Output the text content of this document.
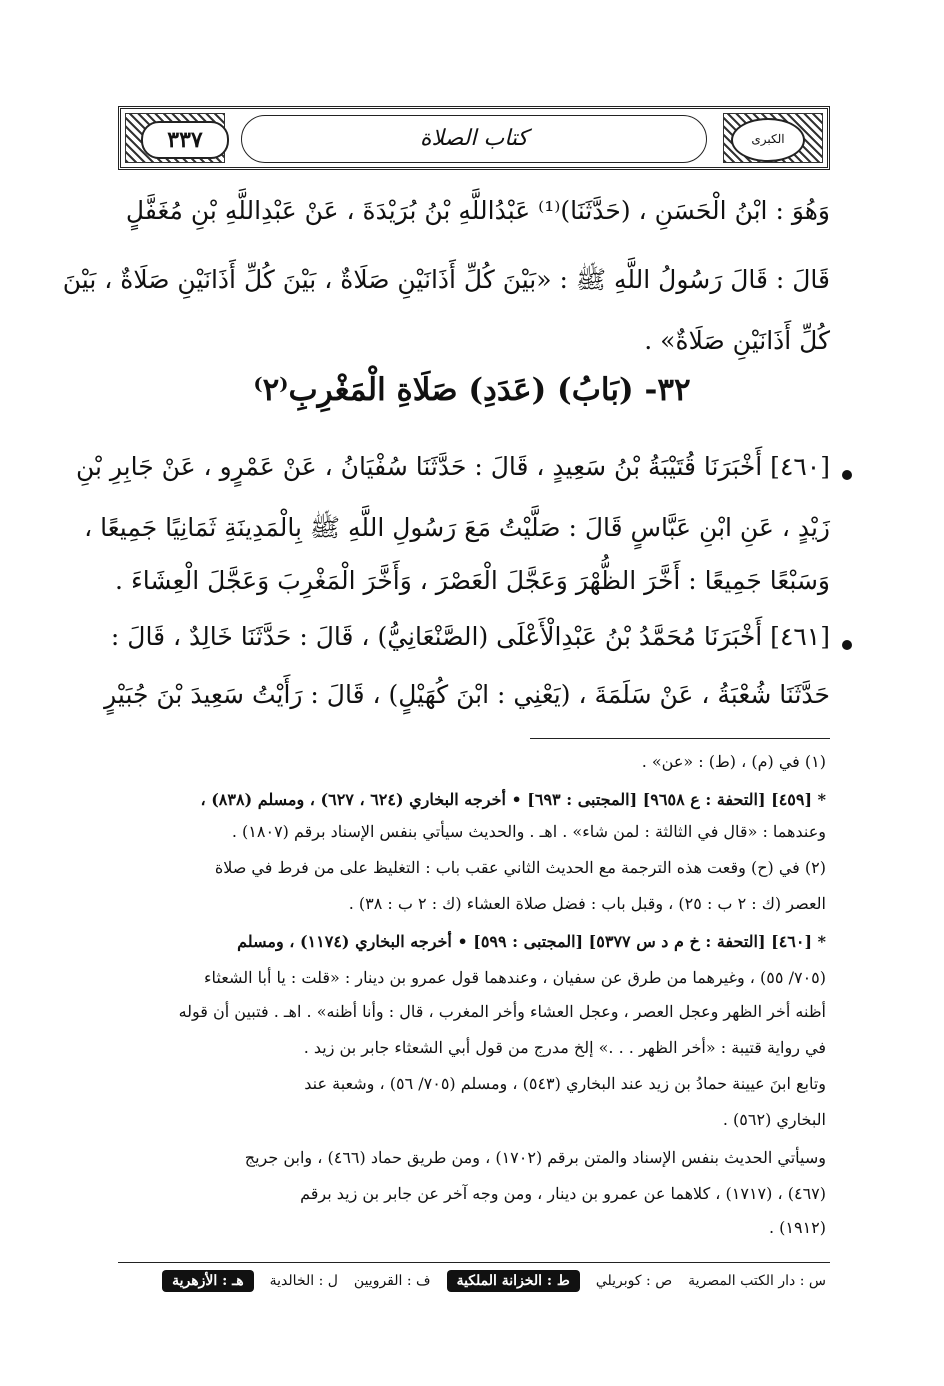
٣٣٧	كتاب الصلاة	الكبرى
وَهُوَ : ابْنُ الْحَسَنِ ، (حَدَّثَنَا)⁽¹⁾ عَبْدُاللَّهِ بْنُ بُرَيْدَةَ ، عَنْ عَبْدِاللَّهِ بْنِ مُغَفَّلٍ
قَالَ : قَالَ رَسُولُ اللَّهِ ﷺ : «بَيْنَ كُلِّ أَذَانَيْنِ صَلَاةٌ ، بَيْنَ كُلِّ أَذَانَيْنِ صَلَاةٌ ، بَيْنَ
كُلِّ أَذَانَيْنِ صَلَاةٌ» .
٣٢- (بَابُ) (عَدَدِ) صَلَاةِ الْمَغْرِبِ⁽٢⁾
[٤٦٠] أَخْبَرَنَا قُتَيْبَةُ بْنُ سَعِيدٍ ، قَالَ : حَدَّثَنَا سُفْيَانُ ، عَنْ عَمْرٍو ، عَنْ جَابِرِ بْنِ
زَيْدٍ ، عَنِ ابْنِ عَبَّاسٍ قَالَ : صَلَّيْتُ مَعَ رَسُولِ اللَّهِ ﷺ بِالْمَدِينَةِ ثَمَانِيًا جَمِيعًا ،
وَسَبْعًا جَمِيعًا : أَخَّرَ الظُّهْرَ وَعَجَّلَ الْعَصْرَ ، وَأَخَّرَ الْمَغْرِبَ وَعَجَّلَ الْعِشَاءَ .
[٤٦١] أَخْبَرَنَا مُحَمَّدُ بْنُ عَبْدِالْأَعْلَى (الصَّنْعَانِيُّ) ، قَالَ : حَدَّثَنَا خَالِدٌ ، قَالَ :
حَدَّثَنَا شُعْبَةُ ، عَنْ سَلَمَةَ ، (يَعْنِي : ابْنَ كُهَيْلٍ) ، قَالَ : رَأَيْتُ سَعِيدَ بْنَ جُبَيْرٍ
(١) في (م) ، (ط) : «عن» .
* [٤٥٩] [التحفة : ع ٩٦٥٨] [المجتبى : ٦٩٣] • أخرجه البخاري (٦٢٤ ، ٦٢٧) ، ومسلم (٨٣٨) ،
وعندهما : «قال في الثالثة : لمن شاء» . اهـ . والحديث سيأتي بنفس الإسناد برقم (١٨٠٧) .
(٢) في (ح) وقعت هذه الترجمة مع الحديث الثاني عقب باب : التغليظ على من فرط في صلاة
العصر (ك : ٢ ب : ٢٥) ، وقبل باب : فضل صلاة العشاء (ك : ٢ ب : ٣٨) .
* [٤٦٠] [التحفة : خ م د س ٥٣٧٧] [المجتبى : ٥٩٩] • أخرجه البخاري (١١٧٤) ، ومسلم
(٧٠٥/ ٥٥) ، وغيرهما من طرق عن سفيان ، وعندهما قول عمرو بن دينار : «قلت : يا أبا الشعثاء
أظنه أخر الظهر وعجل العصر ، وعجل العشاء وأخر المغرب ، قال : وأنا أظنه» . اهـ . فتبين أن قوله
في رواية قتيبة : «أخر الظهر . . .» إلخ مدرج من قول أبي الشعثاء جابر بن زيد .
وتابع ابنَ عيينة حمادُ بن زيد عند البخاري (٥٤٣) ، ومسلم (٧٠٥/ ٥٦) ، وشعبة عند
البخاري (٥٦٢) .
وسيأتي الحديث بنفس الإسناد والمتن برقم (١٧٠٢) ، ومن طريق حماد (٤٦٦) ، وابن جريج
(٤٦٧) ، (١٧١٧) ، كلاهما عن عمرو بن دينار ، ومن وجه آخر عن جابر بن زيد برقم
(١٩١٢) .
س : دار الكتب المصرية
ص : كوبريلي
ط : الخزانة الملكية
ف : القرويين
ل : الخالدية
هـ : الأزهرية
